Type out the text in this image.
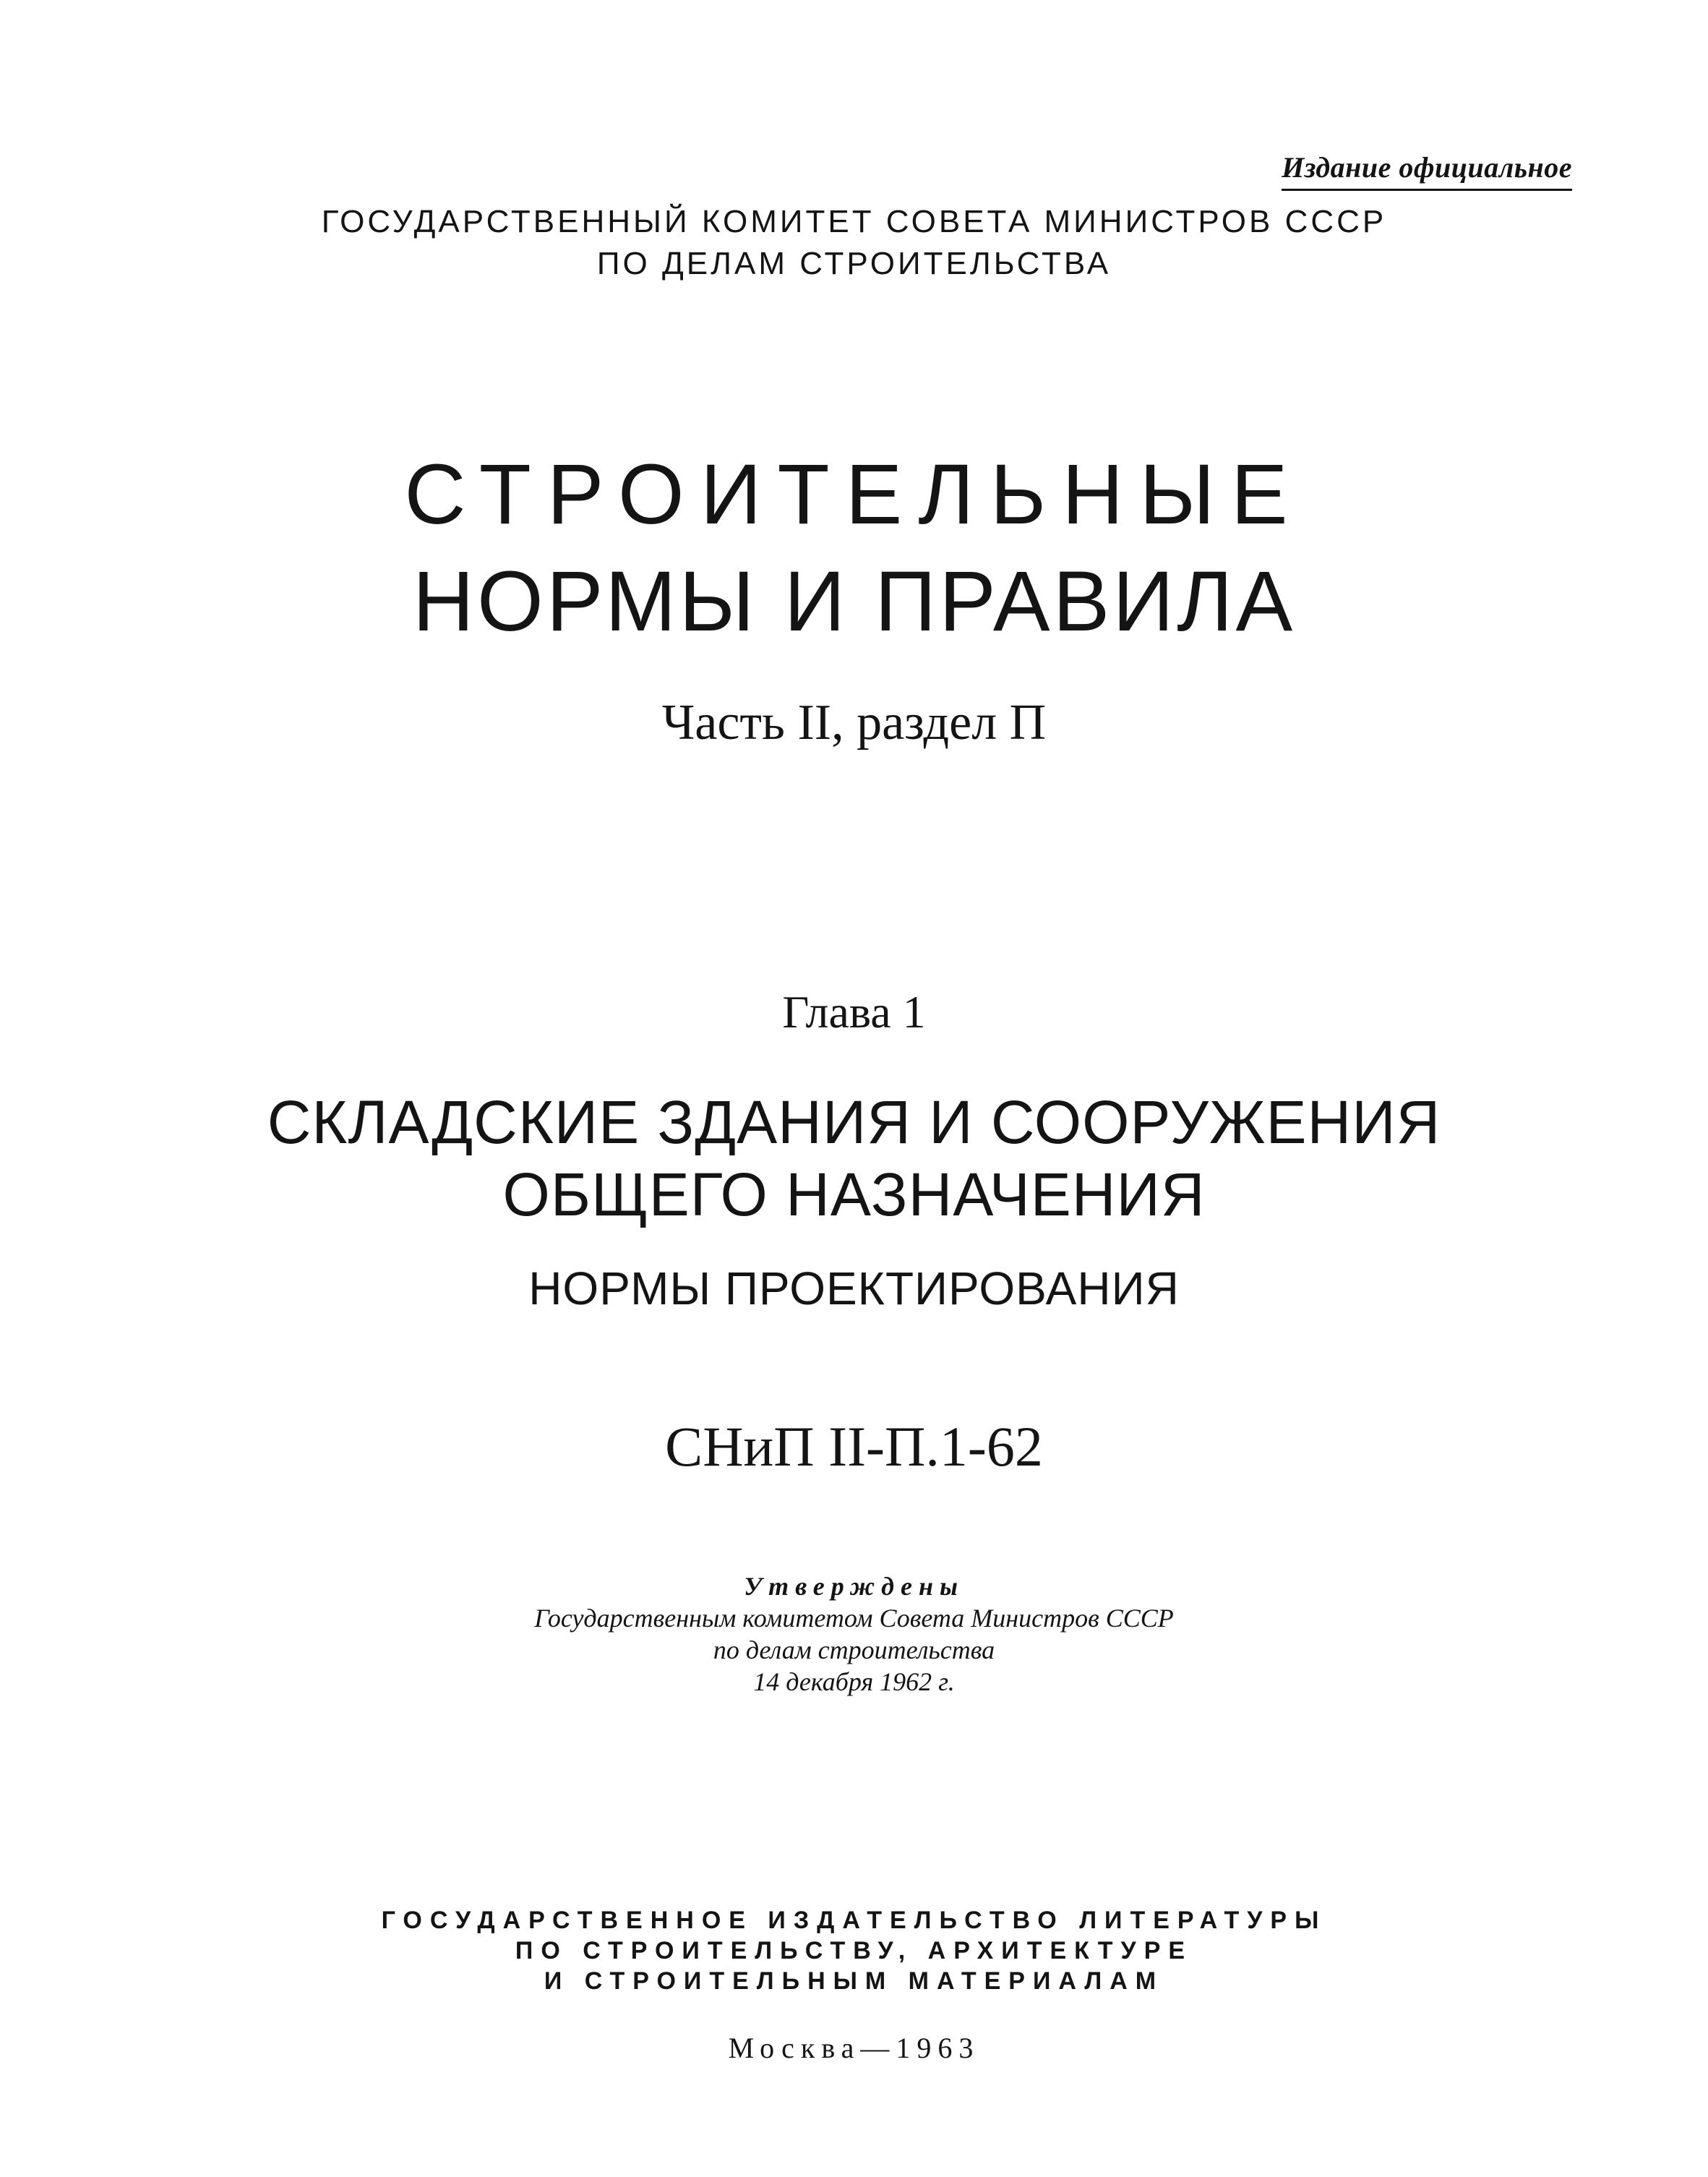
Издание официальное
ГОСУДАРСТВЕННЫЙ КОМИТЕТ СОВЕТА МИНИСТРОВ СССР
ПО ДЕЛАМ СТРОИТЕЛЬСТВА
СТРОИТЕЛЬНЫЕ
НОРМЫ И ПРАВИЛА
Часть II, раздел П
Глава 1
СКЛАДСКИЕ ЗДАНИЯ И СООРУЖЕНИЯ
ОБЩЕГО НАЗНАЧЕНИЯ
НОРМЫ ПРОЕКТИРОВАНИЯ
СНиП II-П.1-62
Утверждены
Государственным комитетом Совета Министров СССР
по делам строительства
14 декабря 1962 г.
ГОСУДАРСТВЕННОЕ ИЗДАТЕЛЬСТВО ЛИТЕРАТУРЫ
ПО СТРОИТЕЛЬСТВУ, АРХИТЕКТУРЕ
И СТРОИТЕЛЬНЫМ МАТЕРИАЛАМ
Москва—1963
